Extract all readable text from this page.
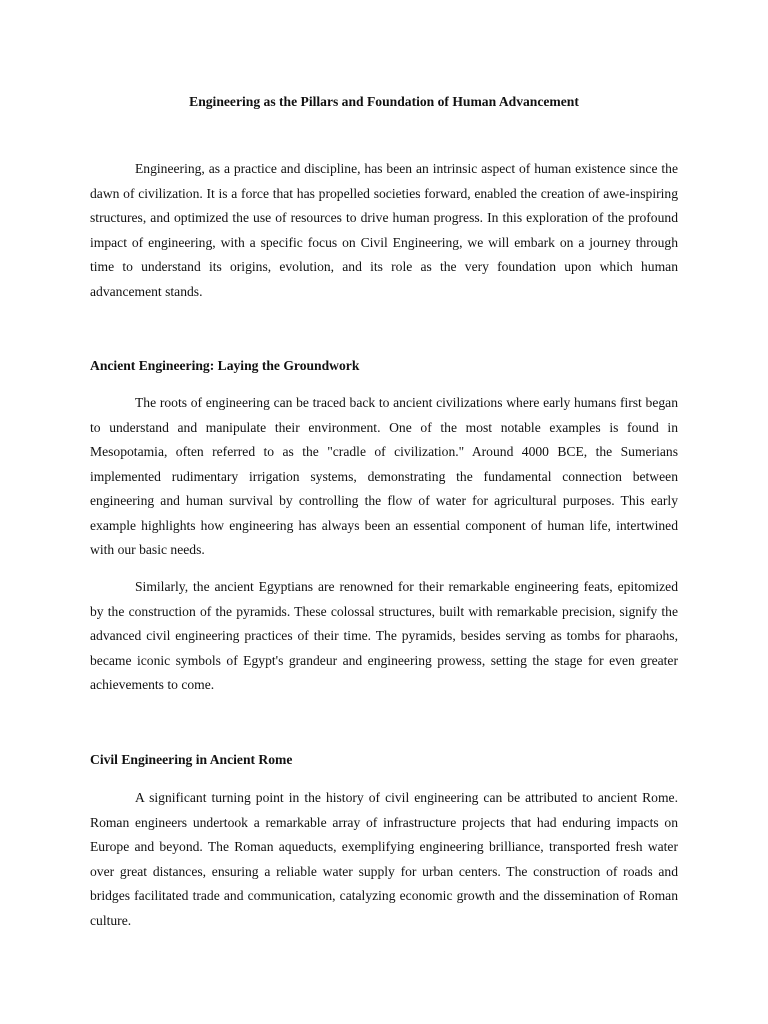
Engineering as the Pillars and Foundation of Human Advancement

Engineering, as a practice and discipline, has been an intrinsic aspect of human existence since the dawn of civilization. It is a force that has propelled societies forward, enabled the creation of awe-inspiring structures, and optimized the use of resources to drive human progress. In this exploration of the profound impact of engineering, with a specific focus on Civil Engineering, we will embark on a journey through time to understand its origins, evolution, and its role as the very foundation upon which human advancement stands.

Ancient Engineering: Laying the Groundwork

The roots of engineering can be traced back to ancient civilizations where early humans first began to understand and manipulate their environment. One of the most notable examples is found in Mesopotamia, often referred to as the "cradle of civilization." Around 4000 BCE, the Sumerians implemented rudimentary irrigation systems, demonstrating the fundamental connection between engineering and human survival by controlling the flow of water for agricultural purposes. This early example highlights how engineering has always been an essential component of human life, intertwined with our basic needs.

Similarly, the ancient Egyptians are renowned for their remarkable engineering feats, epitomized by the construction of the pyramids. These colossal structures, built with remarkable precision, signify the advanced civil engineering practices of their time. The pyramids, besides serving as tombs for pharaohs, became iconic symbols of Egypt's grandeur and engineering prowess, setting the stage for even greater achievements to come.

Civil Engineering in Ancient Rome

A significant turning point in the history of civil engineering can be attributed to ancient Rome. Roman engineers undertook a remarkable array of infrastructure projects that had enduring impacts on Europe and beyond. The Roman aqueducts, exemplifying engineering brilliance, transported fresh water over great distances, ensuring a reliable water supply for urban centers. The construction of roads and bridges facilitated trade and communication, catalyzing economic growth and the dissemination of Roman culture.
